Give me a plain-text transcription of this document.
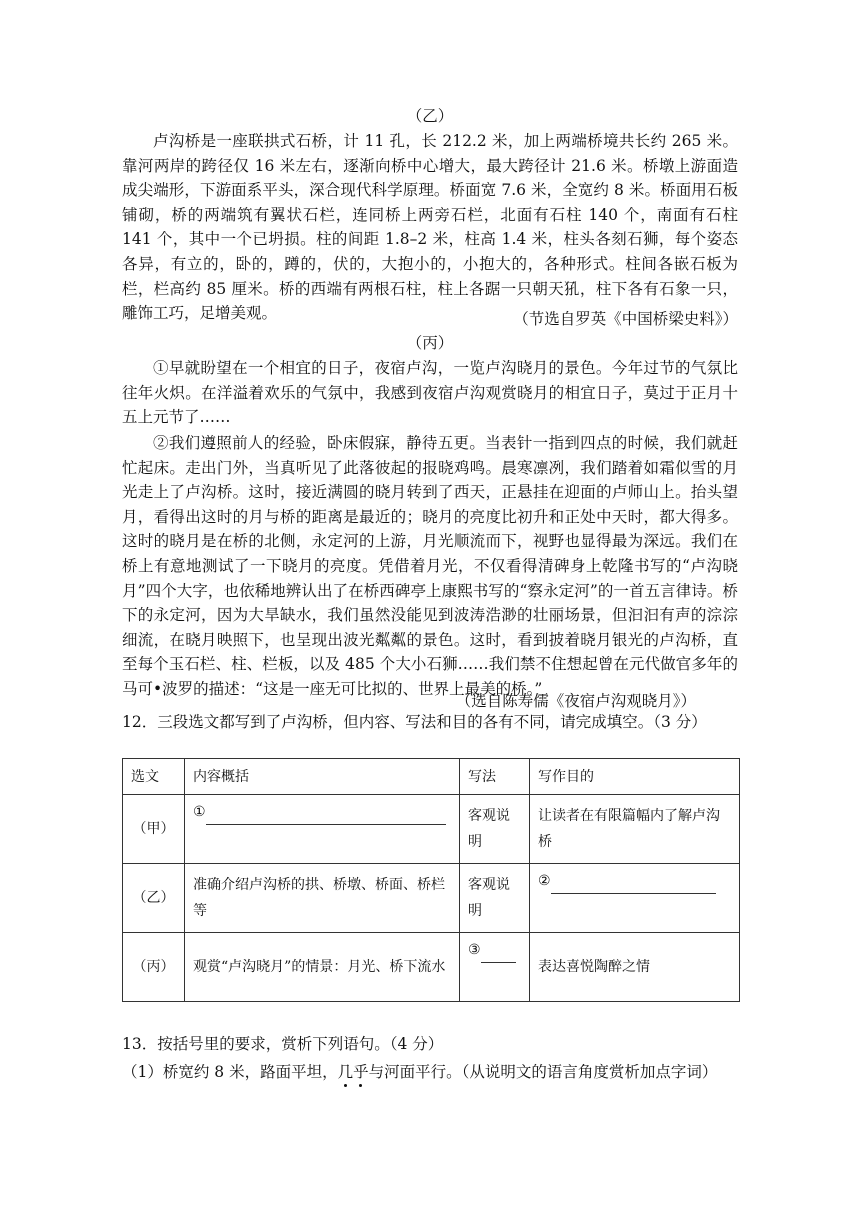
（乙）

卢沟桥是一座联拱式石桥，计 11 孔，长 212.2 米，加上两端桥境共长约 265 米。靠河两岸的跨径仅 16 米左右，逐渐向桥中心增大，最大跨径计 21.6 米。桥墩上游面造成尖端形，下游面系平头，深合现代科学原理。桥面宽 7.6 米，全宽约 8 米。桥面用石板铺砌，桥的两端筑有翼状石栏，连同桥上两旁石栏，北面有石柱 140 个，南面有石柱 141 个，其中一个已坍损。柱的间距 1.8–2 米，柱高 1.4 米，柱头各刻石狮，每个姿态各异，有立的，卧的，蹲的，伏的，大抱小的，小抱大的，各种形式。柱间各嵌石板为栏，栏高约 85 厘米。桥的西端有两根石柱，柱上各踞一只朝天犼，柱下各有石象一只，雕饰工巧，足增美观。	（节选自罗英《中国桥梁史料》）
（丙）

①早就盼望在一个相宜的日子，夜宿卢沟，一览卢沟晓月的景色。今年过节的气氛比往年火炽。在洋溢着欢乐的气氛中，我感到夜宿卢沟观赏晓月的相宜日子，莫过于正月十五上元节了……

②我们遵照前人的经验，卧床假寐，静待五更。当表针一指到四点的时候，我们就赶忙起床。走出门外，当真听见了此落彼起的报晓鸡鸣。晨寒凛冽，我们踏着如霜似雪的月光走上了卢沟桥。这时，接近满圆的晓月转到了西天，正悬挂在迎面的卢师山上。抬头望月，看得出这时的月与桥的距离是最近的；晓月的亮度比初升和正处中天时，都大得多。这时的晓月是在桥的北侧，永定河的上游，月光顺流而下，视野也显得最为深远。我们在桥上有意地测试了一下晓月的亮度。凭借着月光，不仅看得清碑身上乾隆书写的“卢沟晓月”四个大字，也依稀地辨认出了在桥西碑亭上康熙书写的“察永定河”的一首五言律诗。桥下的永定河，因为大旱缺水，我们虽然没能见到波涛浩渺的壮丽场景，但汩汩有声的淙淙细流，在晓月映照下，也呈现出波光粼粼的景色。这时，看到披着晓月银光的卢沟桥，直至每个玉石栏、柱、栏板，以及 485 个大小石狮……我们禁不住想起曾在元代做官多年的马可•波罗的描述：“这是一座无可比拟的、世界上最美的桥。”

（选自陈寿儒《夜宿卢沟观晓月》）

12．三段选文都写到了卢沟桥，但内容、写法和目的各有不同，请完成填空。（3 分）

选文	内容概括	写法	写作目的
（甲）	①	客观说明	让读者在有限篇幅内了解卢沟桥
（乙）	准确介绍卢沟桥的拱、桥墩、桥面、桥栏等	客观说明	②
（丙）	观赏“卢沟晓月”的情景：月光、桥下流水	③	表达喜悦陶醉之情

13．按括号里的要求，赏析下列语句。（4 分）

（1）桥宽约 8 米，路面平坦，几乎与河面平行。（从说明文的语言角度赏析加点字词）
